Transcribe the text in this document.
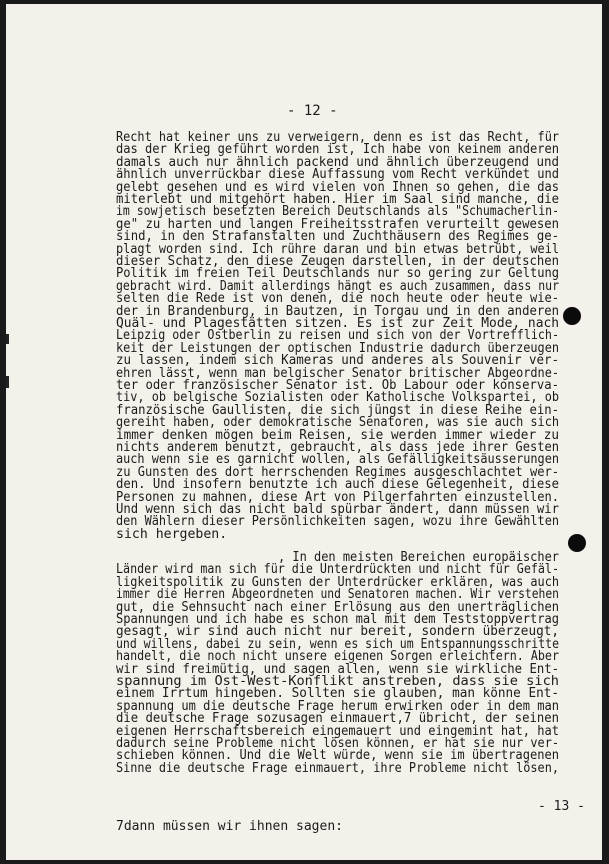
- 12 -
Recht hat keiner uns zu verweigern, denn es ist das Recht, für
das der Krieg geführt worden ist, Ich habe von keinem anderen
damals auch nur ähnlich packend und ähnlich überzeugend und
ähnlich unverrückbar diese Auffassung vom Recht verkündet und
gelebt gesehen und es wird vielen von Ihnen so gehen, die das
miterlebt und mitgehört haben. Hier im Saal sind manche, die
im sowjetisch besetzten Bereich Deutschlands als "Schumacherlin-
ge" zu harten und langen Freiheitsstrafen verurteilt gewesen
sind, in den Strafanstalten und Zuchthäusern des Regimes ge-
plagt worden sind. Ich rühre daran und bin etwas betrübt, weil
dieser Schatz, den diese Zeugen darstellen, in der deutschen
Politik im freien Teil Deutschlands nur so gering zur Geltung
gebracht wird. Damit allerdings hängt es auch zusammen, dass nur
selten die Rede ist von denen, die noch heute oder heute wie-
der in Brandenburg, in Bautzen, in Torgau und in den anderen
Quäl- und Plagestätten sitzen. Es ist zur Zeit Mode, nach
Leipzig oder Ostberlin zu reisen und sich von der Vortrefflich-
keit der Leistungen der optischen Industrie dadurch überzeugen
zu lassen, indem sich Kameras und anderes als Souvenir ver-
ehren lässt, wenn man belgischer Senator britischer Abgeordne-
ter oder französischer Senator ist. Ob Labour oder konserva-
tiv, ob belgische Sozialisten oder Katholische Volkspartei, ob
französische Gaullisten, die sich jüngst in diese Reihe ein-
gereiht haben, oder demokratische Senatoren, was sie auch sich
immer denken mögen beim Reisen, sie werden immer wieder zu
nichts anderem benutzt, gebraucht, als dass jede ihrer Gesten
auch wenn sie es garnicht wollen, als Gefälligkeitsäusserungen
zu Gunsten des dort herrschenden Regimes ausgeschlachtet wer-
den. Und insofern benutzte ich auch diese Gelegenheit, diese
Personen zu mahnen, diese Art von Pilgerfahrten einzustellen.
Und wenn sich das nicht bald spürbar ändert, dann müssen wir
den Wählern dieser Persönlichkeiten sagen, wozu ihre Gewählten
sich hergeben.
, In den meisten Bereichen europäischer
Länder wird man sich für die Unterdrückten und nicht für Gefäl-
ligkeitspolitik zu Gunsten der Unterdrücker erklären, was auch
immer die Herren Abgeordneten und Senatoren machen. Wir verstehen
gut, die Sehnsucht nach einer Erlösung aus den unerträglichen
Spannungen und ich habe es schon mal mit dem Teststoppvertrag
gesagt, wir sind auch nicht nur bereit, sondern überzeugt,
und willens, dabei zu sein, wenn es sich um Entspannungsschritte
handelt, die noch nicht unsere eigenen Sorgen erleichtern. Aber
wir sind freimütig, und sagen allen, wenn sie wirkliche Ent-
spannung im Ost-West-Konflikt anstreben, dass sie sich
einem Irrtum hingeben. Sollten sie glauben, man könne Ent-
spannung um die deutsche Frage herum erwirken oder in dem man
die deutsche Frage sozusagen einmauert,7 übricht, der seinen
eigenen Herrschaftsbereich eingemauert und eingemint hat, hat
dadurch seine Probleme nicht lösen können, er hat sie nur ver-
schieben können. Und die Welt würde, wenn sie im übertragenen
Sinne die deutsche Frage einmauert, ihre Probleme nicht lösen,
- 13 -
7dann müssen wir ihnen sagen:
